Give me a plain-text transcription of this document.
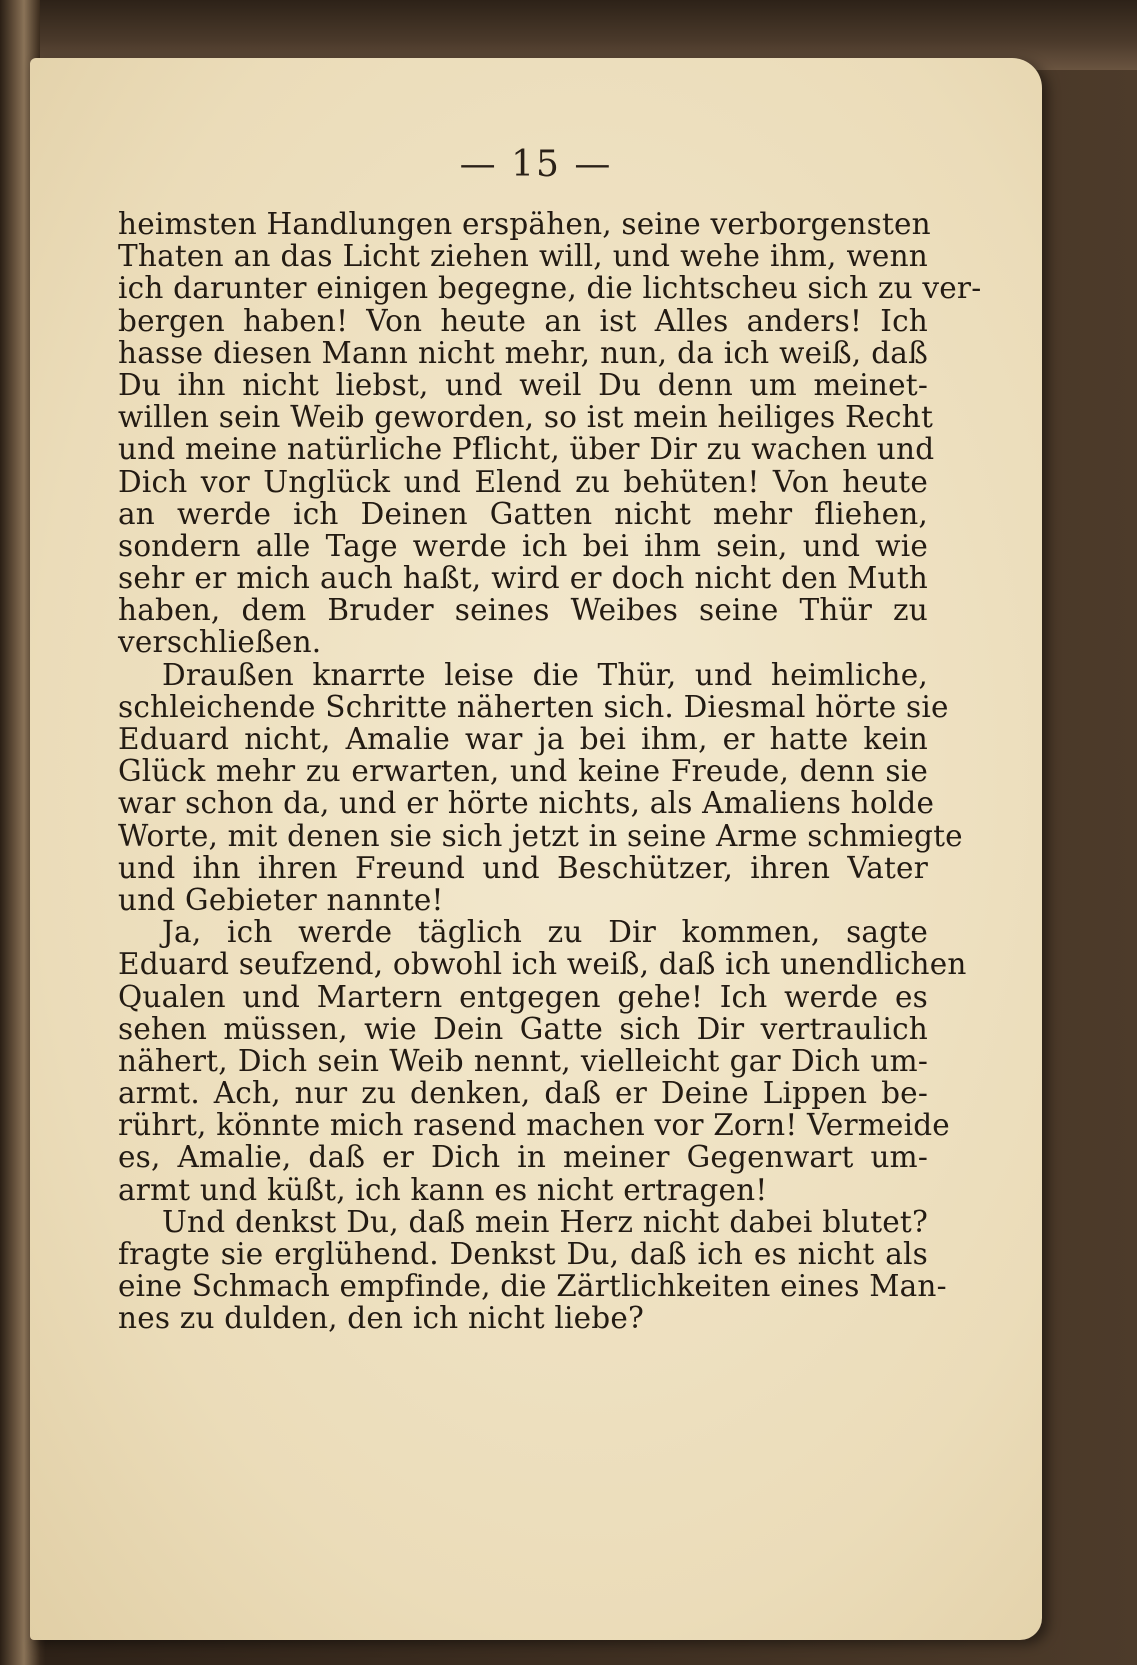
— 15 —
heimsten Handlungen erspähen, seine verborgensten
Thaten an das Licht ziehen will, und wehe ihm, wenn
ich darunter einigen begegne, die lichtscheu sich zu ver-
bergen haben! Von heute an ist Alles anders! Ich
hasse diesen Mann nicht mehr, nun, da ich weiß, daß
Du ihn nicht liebst, und weil Du denn um meinet-
willen sein Weib geworden, so ist mein heiliges Recht
und meine natürliche Pflicht, über Dir zu wachen und
Dich vor Unglück und Elend zu behüten! Von heute
an werde ich Deinen Gatten nicht mehr fliehen,
sondern alle Tage werde ich bei ihm sein, und wie
sehr er mich auch haßt, wird er doch nicht den Muth
haben, dem Bruder seines Weibes seine Thür zu
verschließen.
Draußen knarrte leise die Thür, und heimliche,
schleichende Schritte näherten sich. Diesmal hörte sie
Eduard nicht, Amalie war ja bei ihm, er hatte kein
Glück mehr zu erwarten, und keine Freude, denn sie
war schon da, und er hörte nichts, als Amaliens holde
Worte, mit denen sie sich jetzt in seine Arme schmiegte
und ihn ihren Freund und Beschützer, ihren Vater
und Gebieter nannte!
Ja, ich werde täglich zu Dir kommen, sagte
Eduard seufzend, obwohl ich weiß, daß ich unendlichen
Qualen und Martern entgegen gehe! Ich werde es
sehen müssen, wie Dein Gatte sich Dir vertraulich
nähert, Dich sein Weib nennt, vielleicht gar Dich um-
armt. Ach, nur zu denken, daß er Deine Lippen be-
rührt, könnte mich rasend machen vor Zorn! Vermeide
es, Amalie, daß er Dich in meiner Gegenwart um-
armt und küßt, ich kann es nicht ertragen!
Und denkst Du, daß mein Herz nicht dabei blutet?
fragte sie erglühend. Denkst Du, daß ich es nicht als
eine Schmach empfinde, die Zärtlichkeiten eines Man-
nes zu dulden, den ich nicht liebe?
